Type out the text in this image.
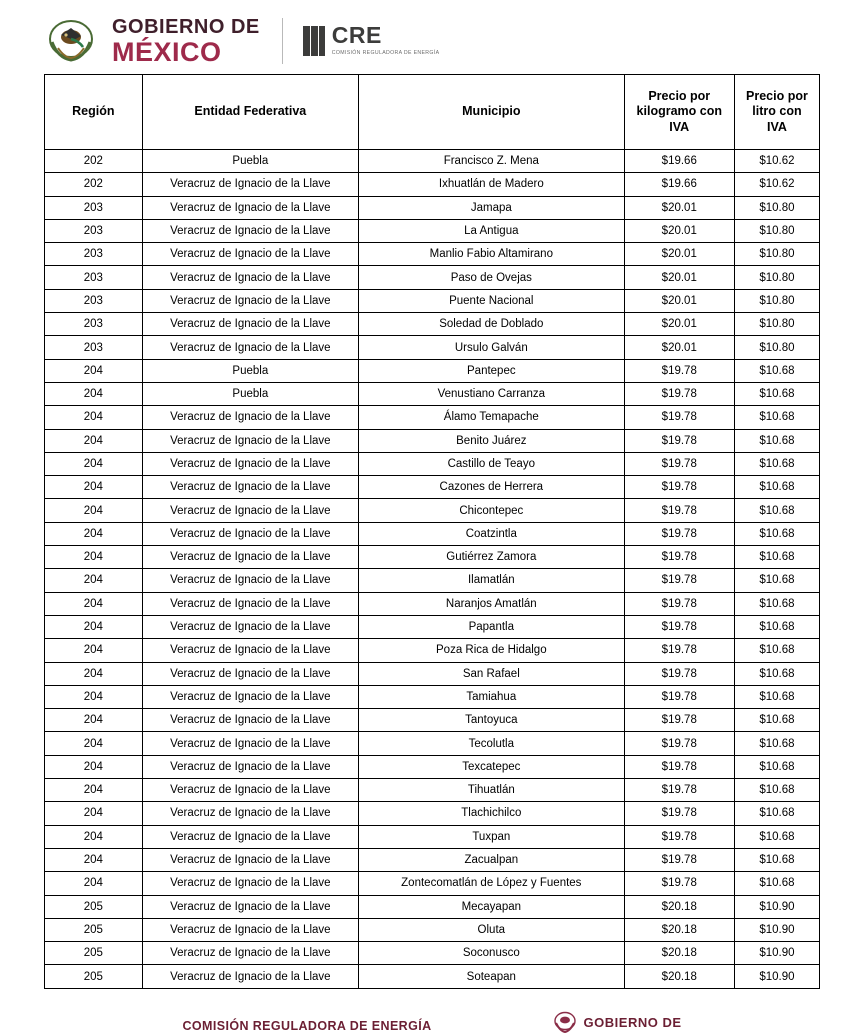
GOBIERNO DE
MÉXICO
CRE
COMISIÓN REGULADORA DE ENERGÍA
Región	Entidad Federativa	Municipio	Precio por kilogramo con IVA	Precio por litro con IVA
202	Puebla	Francisco Z. Mena	$19.66	$10.62
202	Veracruz de Ignacio de la Llave	Ixhuatlán de Madero	$19.66	$10.62
203	Veracruz de Ignacio de la Llave	Jamapa	$20.01	$10.80
203	Veracruz de Ignacio de la Llave	La Antigua	$20.01	$10.80
203	Veracruz de Ignacio de la Llave	Manlio Fabio Altamirano	$20.01	$10.80
203	Veracruz de Ignacio de la Llave	Paso de Ovejas	$20.01	$10.80
203	Veracruz de Ignacio de la Llave	Puente Nacional	$20.01	$10.80
203	Veracruz de Ignacio de la Llave	Soledad de Doblado	$20.01	$10.80
203	Veracruz de Ignacio de la Llave	Ursulo Galván	$20.01	$10.80
204	Puebla	Pantepec	$19.78	$10.68
204	Puebla	Venustiano Carranza	$19.78	$10.68
204	Veracruz de Ignacio de la Llave	Álamo Temapache	$19.78	$10.68
204	Veracruz de Ignacio de la Llave	Benito Juárez	$19.78	$10.68
204	Veracruz de Ignacio de la Llave	Castillo de Teayo	$19.78	$10.68
204	Veracruz de Ignacio de la Llave	Cazones de Herrera	$19.78	$10.68
204	Veracruz de Ignacio de la Llave	Chicontepec	$19.78	$10.68
204	Veracruz de Ignacio de la Llave	Coatzintla	$19.78	$10.68
204	Veracruz de Ignacio de la Llave	Gutiérrez Zamora	$19.78	$10.68
204	Veracruz de Ignacio de la Llave	Ilamatlán	$19.78	$10.68
204	Veracruz de Ignacio de la Llave	Naranjos Amatlán	$19.78	$10.68
204	Veracruz de Ignacio de la Llave	Papantla	$19.78	$10.68
204	Veracruz de Ignacio de la Llave	Poza Rica de Hidalgo	$19.78	$10.68
204	Veracruz de Ignacio de la Llave	San Rafael	$19.78	$10.68
204	Veracruz de Ignacio de la Llave	Tamiahua	$19.78	$10.68
204	Veracruz de Ignacio de la Llave	Tantoyuca	$19.78	$10.68
204	Veracruz de Ignacio de la Llave	Tecolutla	$19.78	$10.68
204	Veracruz de Ignacio de la Llave	Texcatepec	$19.78	$10.68
204	Veracruz de Ignacio de la Llave	Tihuatlán	$19.78	$10.68
204	Veracruz de Ignacio de la Llave	Tlachichilco	$19.78	$10.68
204	Veracruz de Ignacio de la Llave	Tuxpan	$19.78	$10.68
204	Veracruz de Ignacio de la Llave	Zacualpan	$19.78	$10.68
204	Veracruz de Ignacio de la Llave	Zontecomatlán de López y Fuentes	$19.78	$10.68
205	Veracruz de Ignacio de la Llave	Mecayapan	$20.18	$10.90
205	Veracruz de Ignacio de la Llave	Oluta	$20.18	$10.90
205	Veracruz de Ignacio de la Llave	Soconusco	$20.18	$10.90
205	Veracruz de Ignacio de la Llave	Soteapan	$20.18	$10.90
COMISIÓN REGULADORA DE ENERGÍA	GOBIERNO DE
